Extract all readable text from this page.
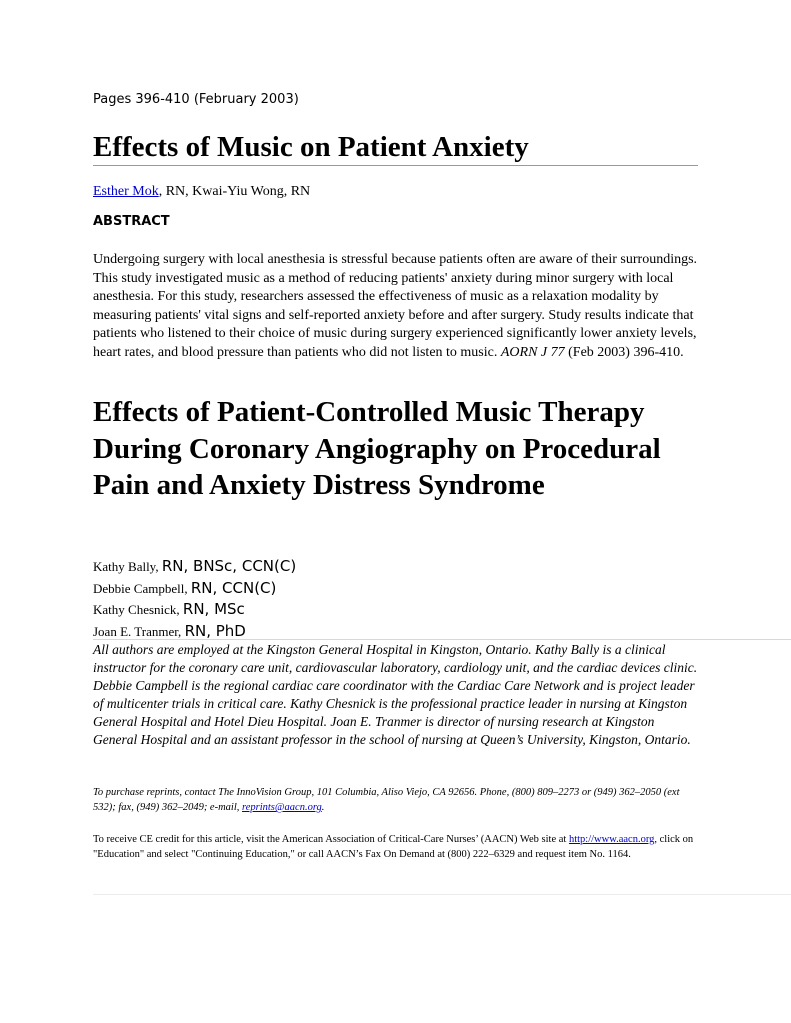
Pages 396-410 (February 2003)
Effects of Music on Patient Anxiety
Esther Mok, RN, Kwai-Yiu Wong, RN
ABSTRACT

Undergoing surgery with local anesthesia is stressful because patients often are aware of their surroundings. This study investigated music as a method of reducing patients' anxiety during minor surgery with local anesthesia. For this study, researchers assessed the effectiveness of music as a relaxation modality by measuring patients' vital signs and self-reported anxiety before and after surgery. Study results indicate that patients who listened to their choice of music during surgery experienced significantly lower anxiety levels, heart rates, and blood pressure than patients who did not listen to music. AORN J 77 (Feb 2003) 396-410.

Effects of Patient-Controlled Music Therapy During Coronary Angiography on Procedural Pain and Anxiety Distress Syndrome
Kathy Bally, RN, BNSc, CCN(C)
Debbie Campbell, RN, CCN(C)
Kathy Chesnick, RN, MSc
Joan E. Tranmer, RN, PhD

All authors are employed at the Kingston General Hospital in Kingston, Ontario. Kathy Bally is a clinical instructor for the coronary care unit, cardiovascular laboratory, cardiology unit, and the cardiac devices clinic. Debbie Campbell is the regional cardiac care coordinator with the Cardiac Care Network and is project leader of multicenter trials in critical care. Kathy Chesnick is the professional practice leader in nursing at Kingston General Hospital and Hotel Dieu Hospital. Joan E. Tranmer is director of nursing research at Kingston General Hospital and an assistant professor in the school of nursing at Queen’s University, Kingston, Ontario.

To purchase reprints, contact The InnoVision Group, 101 Columbia, Aliso Viejo, CA 92656. Phone, (800) 809–2273 or (949) 362–2050 (ext 532); fax, (949) 362–2049; e-mail, reprints@aacn.org.

To receive CE credit for this article, visit the American Association of Critical-Care Nurses’ (AACN) Web site at http://www.aacn.org, click on "Education" and select "Continuing Education," or call AACN’s Fax On Demand at (800) 222–6329 and request item No. 1164.
